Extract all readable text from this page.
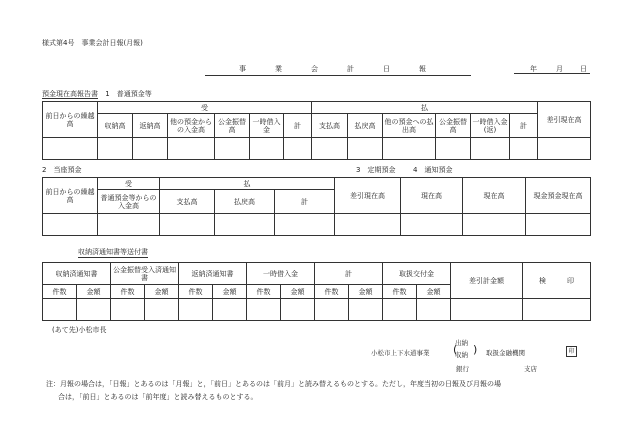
様式第4号　事業会計日報(月報)
事　業　会　計　日　報	年	月 日

預金現在高報告書 1　普通預金等
前日からの繰越高	受						払						差引現在高
	収納高	返納高	他の預金からの入金高	公金振替高	一時借入金	計	支払高	払戻高	他の預金への払出高	公金振替高	一時借入金(返)	計	

2　当座預金	3　定期預金	4　通知預金
前日からの繰越高	受	払		
	普通預金等からの入金高	支払高	払戻高	計

差引現在高	現在高	現在高	現金預金現在高

収納済通知書等送付書
収納済通知書		公金振替受入済通知書		返納済通知書		一時借入金		計		取扱交付金		差引計金額	検　　　印
件数	金額	件数	金額	件数	金額	件数	金額	件数	金額	件数	金額		

(あて先)小松市長
小松市上下水道事業 (
出納
収納 ) 取扱金融機関	印
銀行	支店
注：月報の場合は，「日報」とあるのは「月報」と，「前日」とあるのは「前月」と読み替えるものとする。ただし，年度当初の日報及び月報の場
合は，「前日」とあるのは「前年度」と読み替えるものとする。
